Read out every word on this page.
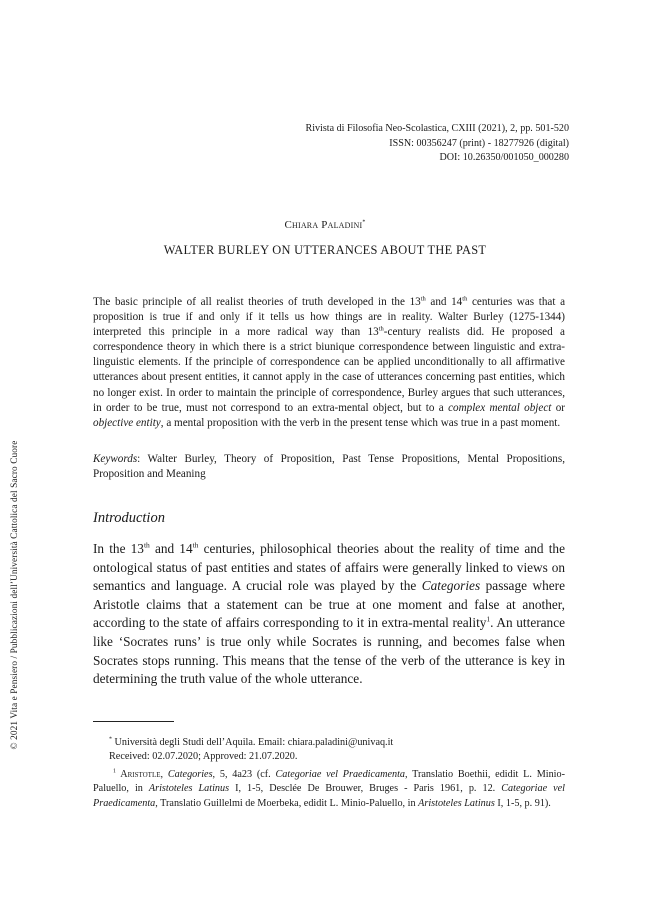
© 2021 Vita e Pensiero / Pubblicazioni dell’Università Cattolica del Sacro Cuore
Rivista di Filosofia Neo-Scolastica, CXIII (2021), 2, pp. 501-520
ISSN: 00356247 (print) - 18277926 (digital)
DOI: 10.26350/001050_000280
Chiara Paladini*
WALTER BURLEY ON UTTERANCES ABOUT THE PAST
The basic principle of all realist theories of truth developed in the 13th and 14th centuries was that a proposition is true if and only if it tells us how things are in reality. Walter Burley (1275-1344) interpreted this principle in a more radical way than 13th-century realists did. He proposed a correspondence theory in which there is a strict biunique correspondence between linguistic and extra-linguistic elements. If the principle of correspondence can be applied unconditionally to all affirmative utterances about present entities, it cannot apply in the case of utterances concerning past entities, which no longer exist. In order to maintain the principle of correspondence, Burley argues that such utterances, in order to be true, must not correspond to an extra-mental object, but to a complex mental object or objective entity, a mental proposition with the verb in the present tense which was true in a past moment.
Keywords: Walter Burley, Theory of Proposition, Past Tense Propositions, Mental Propositions, Proposition and Meaning
Introduction
In the 13th and 14th centuries, philosophical theories about the reality of time and the ontological status of past entities and states of affairs were generally linked to views on semantics and language. A crucial role was played by the Categories passage where Aristotle claims that a statement can be true at one moment and false at another, according to the state of affairs corresponding to it in extra-mental reality$^1$. An utterance like ‘Socrates runs’ is true only while Socrates is running, and becomes false when Socrates stops running. This means that the tense of the verb of the utterance is key in determining the truth value of the whole utterance.
* Università degli Studi dell’Aquila. Email: chiara.paladini@univaq.it
Received: 02.07.2020; Approved: 21.07.2020.
$^1$ Aristotle, Categories, 5, 4a23 (cf. Categoriae vel Praedicamenta, Translatio Boethii, edidit L. Minio-Paluello, in Aristoteles Latinus I, 1-5, Desclée De Brouwer, Bruges - Paris 1961, p. 12. Categoriae vel Praedicamenta, Translatio Guillelmi de Moerbeka, edidit L. Minio-Paluello, in Aristoteles Latinus I, 1-5, p. 91).
